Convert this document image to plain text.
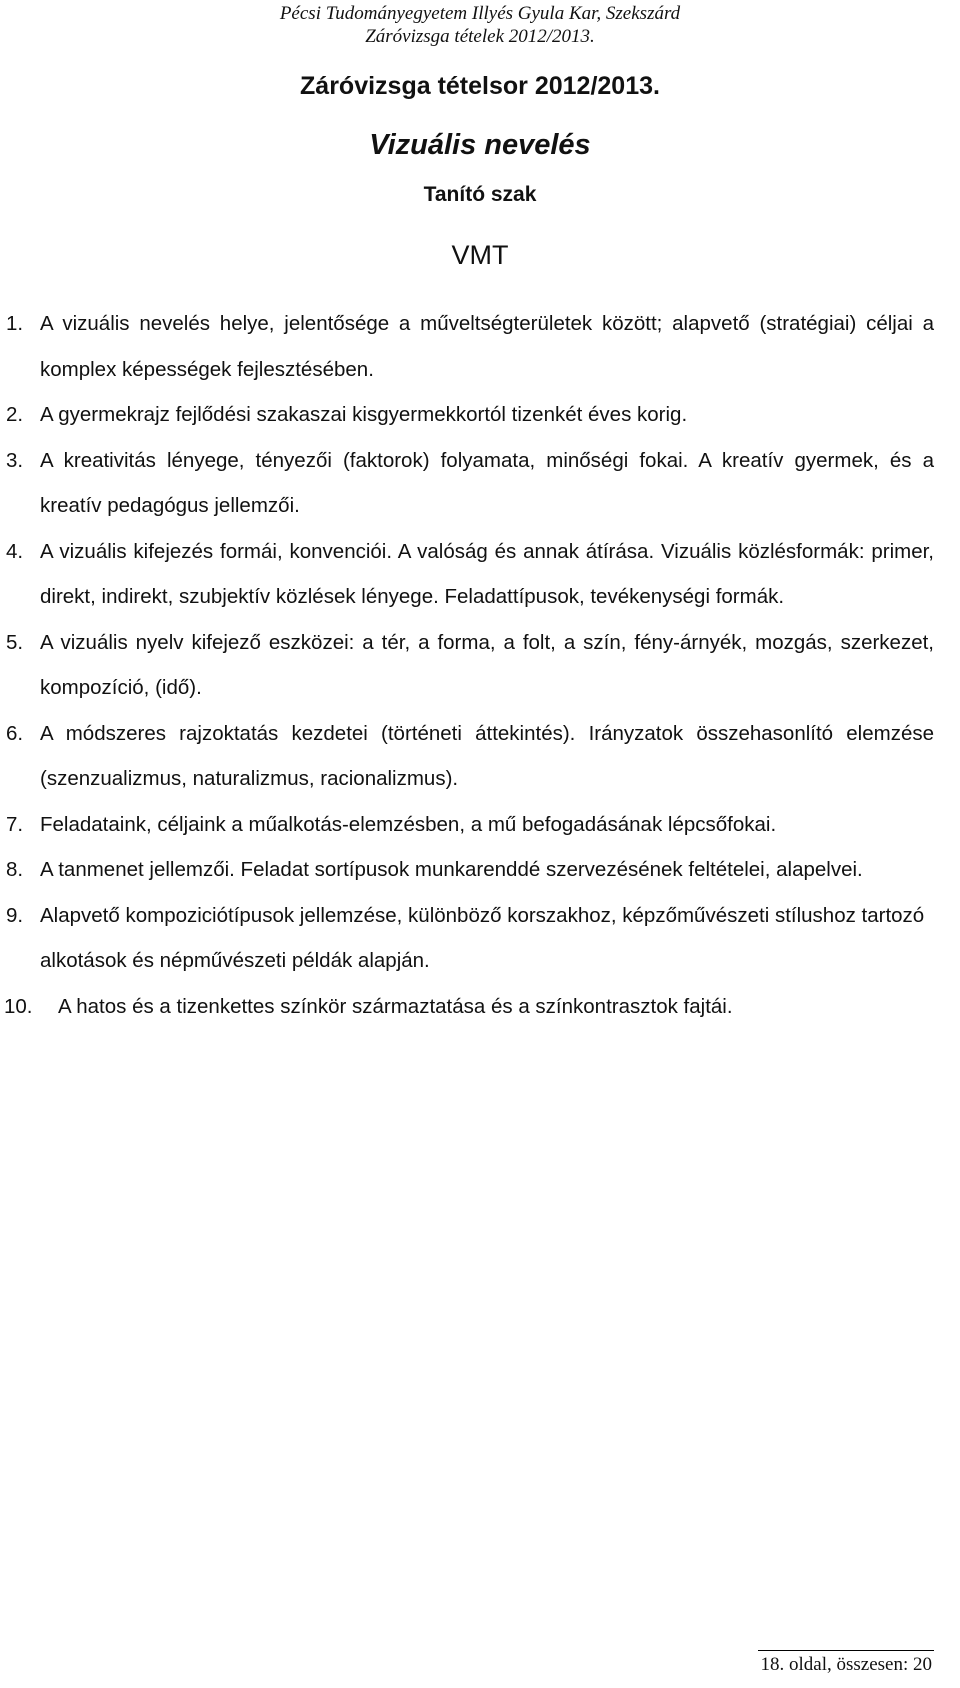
Pécsi Tudományegyetem Illyés Gyula Kar, Szekszárd
Záróvizsga tételek 2012/2013.
Záróvizsga tételsor 2012/2013.
Vizuális nevelés
Tanító szak
VMT
1. A vizuális nevelés helye, jelentősége a műveltségterületek között; alapvető (stratégiai) céljai a komplex képességek fejlesztésében.
2. A gyermekrajz fejlődési szakaszai kisgyermekkortól tizenkét éves korig.
3. A kreativitás lényege, tényezői (faktorok) folyamata, minőségi fokai. A kreatív gyermek, és a kreatív pedagógus jellemzői.
4. A vizuális kifejezés formái, konvenciói. A valóság és annak átírása. Vizuális közlésformák: primer, direkt, indirekt, szubjektív közlések lényege. Feladattípusok, tevékenységi formák.
5. A vizuális nyelv kifejező eszközei: a tér, a forma, a folt, a szín, fény-árnyék, mozgás, szerkezet, kompozíció, (idő).
6. A módszeres rajzoktatás kezdetei (történeti áttekintés). Irányzatok összehasonlító elemzése (szenzualizmus, naturalizmus, racionalizmus).
7. Feladataink, céljaink a műalkotás-elemzésben, a mű befogadásának lépcsőfokai.
8. A tanmenet jellemzői. Feladat sortípusok munkarenddé szervezésének feltételei, alapelvei.
9. Alapvető kompoziciótípusok jellemzése, különböző korszakhoz, képzőművészeti stílushoz tartozó alkotások és népművészeti példák alapján.
10. A hatos és a tizenkettes színkör származtatása és a színkontrasztok fajtái.
18. oldal, összesen: 20
